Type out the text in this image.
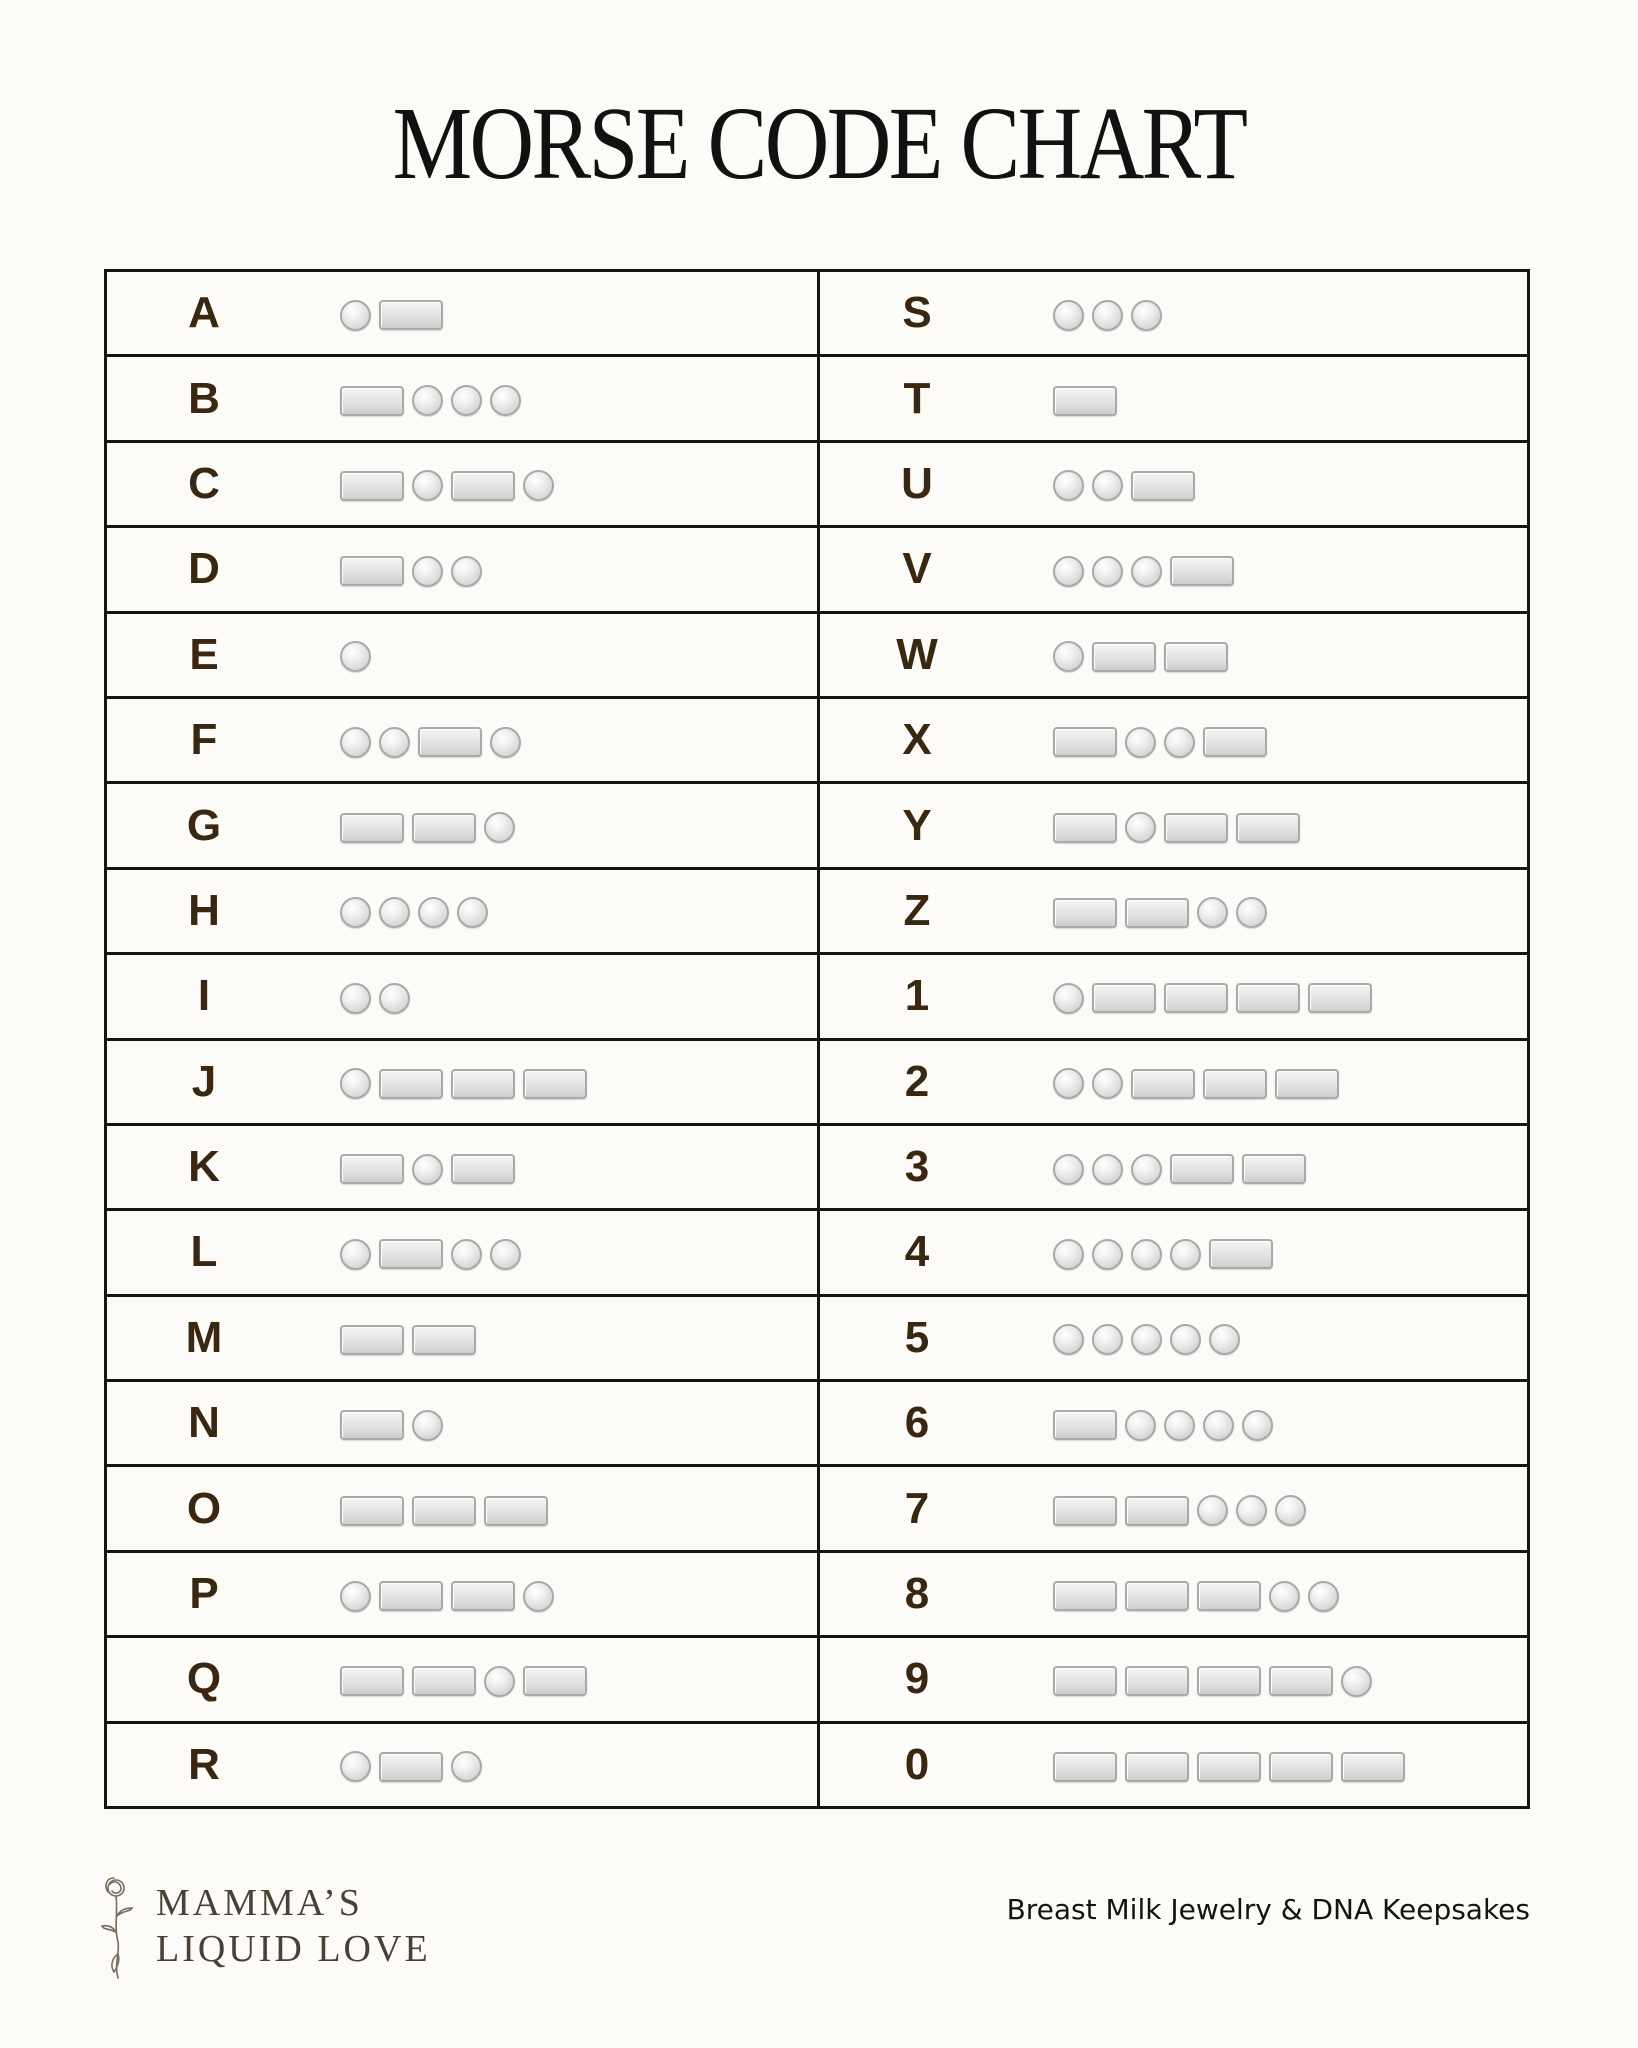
MORSE CODE CHART
A
B
C
D
E
F
G
H
I
J
K
L
M
N
O
P
Q
R
S
T
U
V
W
X
Y
Z
1
2
3
4
5
6
7
8
9
0
MAMMA’S
LIQUID LOVE
Breast Milk Jewelry & DNA Keepsakes
